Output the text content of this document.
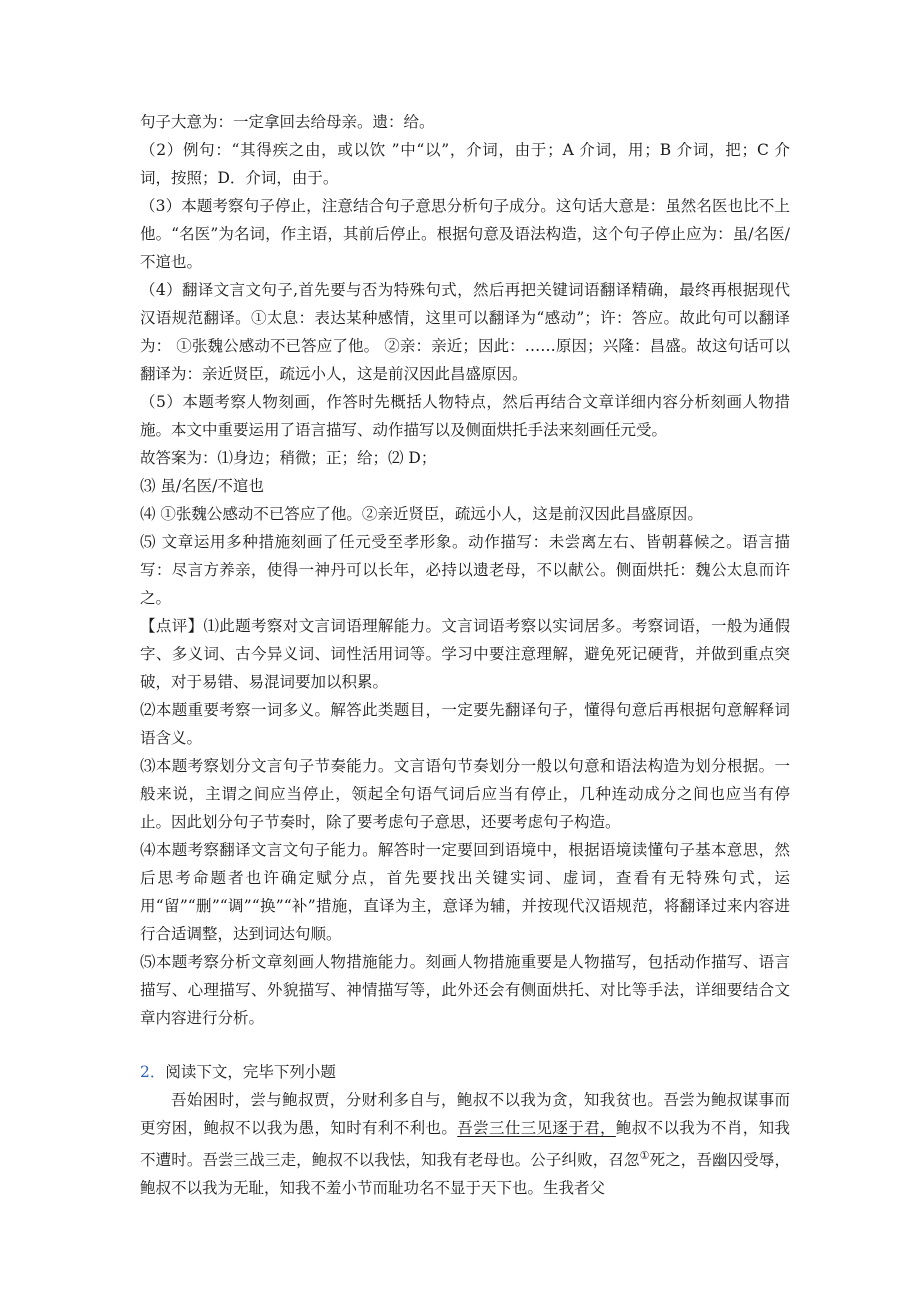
句子大意为：一定拿回去给母亲。遗：给。

（2）例句：“其得疾之由，或以饮 ”中“以”，介词，由于；A 介词，用；B 介词，把；C 介词，按照；D．介词，由于。

（3）本题考察句子停止，注意结合句子意思分析句子成分。这句话大意是：虽然名医也比不上他。“名医”为名词，作主语，其前后停止。根据句意及语法构造，这个句子停止应为：虽/名医/不逭也。

（4）翻译文言文句子,首先要与否为特殊句式，然后再把关键词语翻译精确，最终再根据现代汉语规范翻译。①太息：表达某种感情，这里可以翻译为“感动”；许：答应。故此句可以翻译为： ①张魏公感动不已答应了他。 ②亲：亲近；因此：……原因；兴隆：昌盛。故这句话可以翻译为：亲近贤臣，疏远小人，这是前汉因此昌盛原因。

（5）本题考察人物刻画，作答时先概括人物特点，然后再结合文章详细内容分析刻画人物措施。本文中重要运用了语言描写、动作描写以及侧面烘托手法来刻画任元受。

故答案为：⑴身边；稍微；正；给；⑵ D；

⑶ 虽/名医/不逭也

⑷ ①张魏公感动不已答应了他。②亲近贤臣，疏远小人，这是前汉因此昌盛原因。

⑸ 文章运用多种措施刻画了任元受至孝形象。动作描写：未尝离左右、皆朝暮候之。语言描写：尽言方养亲，使得一神丹可以长年，必持以遗老母，不以献公。侧面烘托：魏公太息而许之。

【点评】⑴此题考察对文言词语理解能力。文言词语考察以实词居多。考察词语，一般为通假字、多义词、古今异义词、词性活用词等。学习中要注意理解，避免死记硬背，并做到重点突破，对于易错、易混词要加以积累。

⑵本题重要考察一词多义。解答此类题目，一定要先翻译句子，懂得句意后再根据句意解释词语含义。

⑶本题考察划分文言句子节奏能力。文言语句节奏划分一般以句意和语法构造为划分根据。一般来说，主谓之间应当停止，领起全句语气词后应当有停止，几种连动成分之间也应当有停止。因此划分句子节奏时，除了要考虑句子意思，还要考虑句子构造。

⑷本题考察翻译文言文句子能力。解答时一定要回到语境中，根据语境读懂句子基本意思，然后思考命题者也许确定赋分点，首先要找出关键实词、虚词，查看有无特殊句式，运用“留”“删”“调”“换”“补”措施，直译为主，意译为辅，并按现代汉语规范，将翻译过来内容进行合适调整，达到词达句顺。

⑸本题考察分析文章刻画人物措施能力。刻画人物措施重要是人物描写，包括动作描写、语言描写、心理描写、外貌描写、神情描写等，此外还会有侧面烘托、对比等手法，详细要结合文章内容进行分析。

2．阅读下文，完毕下列小题

吾始困时，尝与鲍叔贾，分财利多自与，鲍叔不以我为贪，知我贫也。吾尝为鲍叔谋事而更穷困，鲍叔不以我为愚，知时有利不利也。吾尝三仕三见逐于君，鲍叔不以我为不肖，知我不遭时。吾尝三战三走，鲍叔不以我怯，知我有老母也。公子纠败，召忽①死之，吾幽囚受辱，鲍叔不以我为无耻，知我不羞小节而耻功名不显于天下也。生我者父
